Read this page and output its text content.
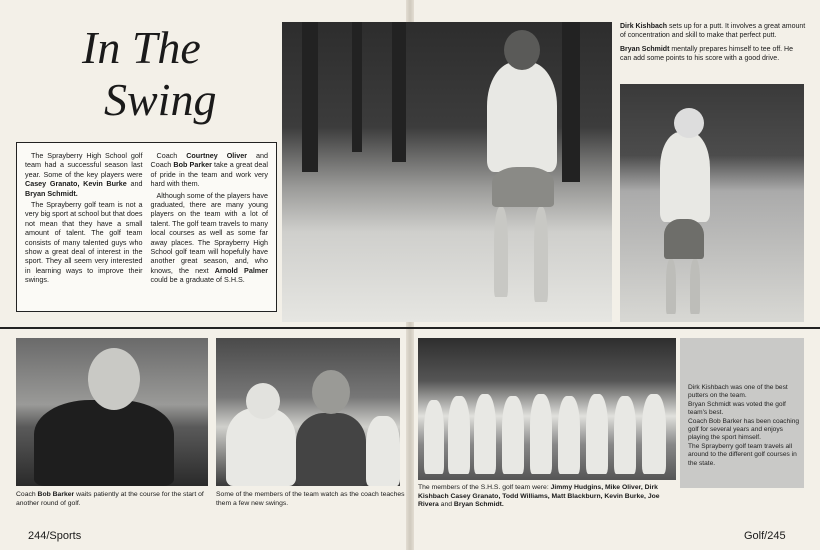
In The
Swing

The Sprayberry High School golf team had a successful season last year. Some of the key players were Casey Granato, Kevin Burke and Bryan Schmidt.

The Sprayberry golf team is not a very big sport at school but that does not mean that they have a small amount of talent. The golf team consists of many talented guys who show a great deal of interest in the sport. They all seem very interested in learning ways to improve their swings.

Coach Courtney Oliver and Coach Bob Parker take a great deal of pride in the team and work very hard with them.

Although some of the players have graduated, there are many young players on the team with a lot of talent. The golf team travels to many local courses as well as some far away places. The Sprayberry High School golf team will hopefully have another great season, and, who knows, the next Arnold Palmer could be a graduate of S.H.S.

Dirk Kishbach sets up for a putt. It involves a great amount of concentration and skill to make that perfect putt.

Bryan Schmidt mentally prepares himself to tee off. He can add some points to his score with a good drive.

Dirk Kishbach was one of the best putters on the team.

Bryan Schmidt was voted the golf team's best.

Coach Bob Barker has been coaching golf for several years and enjoys playing the sport himself.

The Sprayberry golf team travels all around to the different golf courses in the state.

Coach Bob Barker waits patiently at the course for the start of another round of golf.
Some of the members of the team watch as the coach teaches them a few new swings.
The members of the S.H.S. golf team were: Jimmy Hudgins, Mike Oliver, Dirk Kishbach Casey Granato, Todd Williams, Matt Blackburn, Kevin Burke, Joe Rivera and Bryan Schmidt.
244/Sports	Golf/245
